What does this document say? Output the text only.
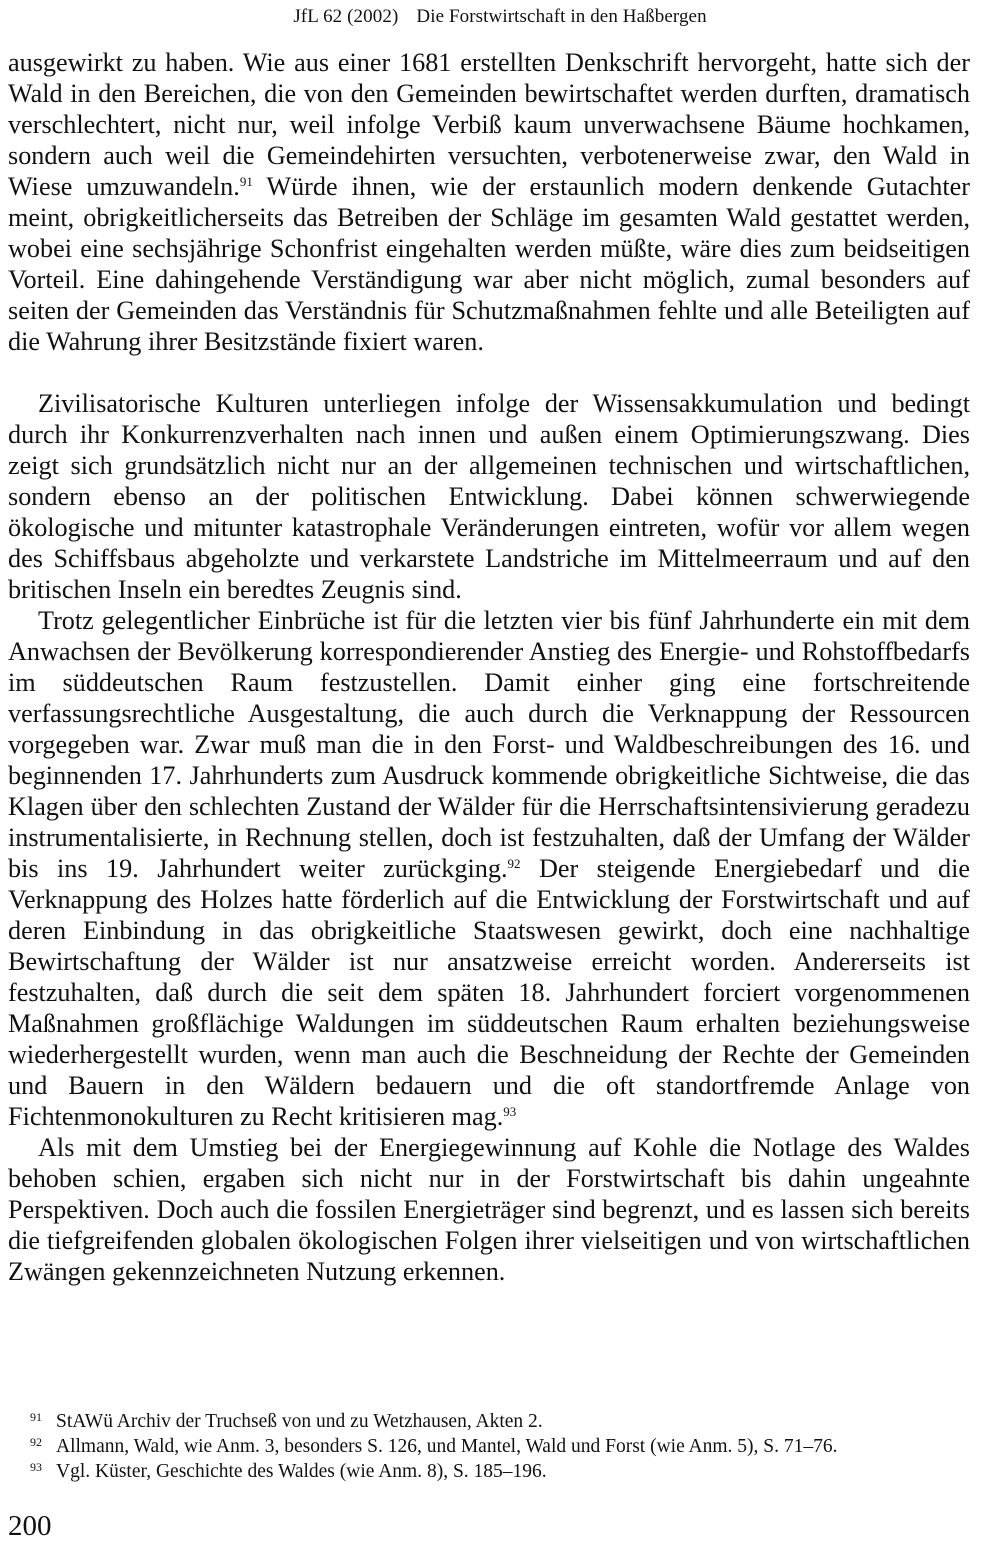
JfL 62 (2002) Die Forstwirtschaft in den Haßbergen

ausgewirkt zu haben. Wie aus einer 1681 erstellten Denkschrift hervorgeht, hatte sich der Wald in den Bereichen, die von den Gemeinden bewirtschaftet werden durften, dramatisch verschlechtert, nicht nur, weil infolge Verbiß kaum unverwachsene Bäume hochkamen, sondern auch weil die Gemeindehirten versuchten, verbotenerweise zwar, den Wald in Wiese umzuwandeln.$^{91}$ Würde ihnen, wie der erstaunlich modern denkende Gutachter meint, obrigkeitlicherseits das Betreiben der Schläge im gesamten Wald gestattet werden, wobei eine sechsjährige Schonfrist eingehalten werden müßte, wäre dies zum beidseitigen Vorteil. Eine dahingehende Verständigung war aber nicht möglich, zumal besonders auf seiten der Gemeinden das Verständnis für Schutzmaßnahmen fehlte und alle Beteiligten auf die Wahrung ihrer Besitzstände fixiert waren.

Zivilisatorische Kulturen unterliegen infolge der Wissensakkumulation und bedingt durch ihr Konkurrenzverhalten nach innen und außen einem Optimierungszwang. Dies zeigt sich grundsätzlich nicht nur an der allgemeinen technischen und wirtschaftlichen, sondern ebenso an der politischen Entwicklung. Dabei können schwerwiegende ökologische und mitunter katastrophale Veränderungen eintreten, wofür vor allem wegen des Schiffsbaus abgeholzte und verkarstete Landstriche im Mittelmeerraum und auf den britischen Inseln ein beredtes Zeugnis sind.

Trotz gelegentlicher Einbrüche ist für die letzten vier bis fünf Jahrhunderte ein mit dem Anwachsen der Bevölkerung korrespondierender Anstieg des Energie- und Rohstoffbedarfs im süddeutschen Raum festzustellen. Damit einher ging eine fortschreitende verfassungsrechtliche Ausgestaltung, die auch durch die Verknappung der Ressourcen vorgegeben war. Zwar muß man die in den Forst- und Waldbeschreibungen des 16. und beginnenden 17. Jahrhunderts zum Ausdruck kommende obrigkeitliche Sichtweise, die das Klagen über den schlechten Zustand der Wälder für die Herrschaftsintensivierung geradezu instrumentalisierte, in Rechnung stellen, doch ist festzuhalten, daß der Umfang der Wälder bis ins 19. Jahrhundert weiter zurückging.$^{92}$ Der steigende Energiebedarf und die Verknappung des Holzes hatte förderlich auf die Entwicklung der Forstwirtschaft und auf deren Einbindung in das obrigkeitliche Staatswesen gewirkt, doch eine nachhaltige Bewirtschaftung der Wälder ist nur ansatzweise erreicht worden. Andererseits ist festzuhalten, daß durch die seit dem späten 18. Jahrhundert forciert vorgenommenen Maßnahmen großflächige Waldungen im süddeutschen Raum erhalten beziehungsweise wiederhergestellt wurden, wenn man auch die Beschneidung der Rechte der Gemeinden und Bauern in den Wäldern bedauern und die oft standortfremde Anlage von Fichtenmonokulturen zu Recht kritisieren mag.$^{93}$

Als mit dem Umstieg bei der Energiegewinnung auf Kohle die Notlage des Waldes behoben schien, ergaben sich nicht nur in der Forstwirtschaft bis dahin ungeahnte Perspektiven. Doch auch die fossilen Energieträger sind begrenzt, und es lassen sich bereits die tiefgreifenden globalen ökologischen Folgen ihrer vielseitigen und von wirtschaftlichen Zwängen gekennzeichneten Nutzung erkennen.

91 StAWü Archiv der Truchseß von und zu Wetzhausen, Akten 2.
92 Allmann, Wald, wie Anm. 3, besonders S. 126, und Mantel, Wald und Forst (wie Anm. 5), S. 71–76.
93 Vgl. Küster, Geschichte des Waldes (wie Anm. 8), S. 185–196.
200
